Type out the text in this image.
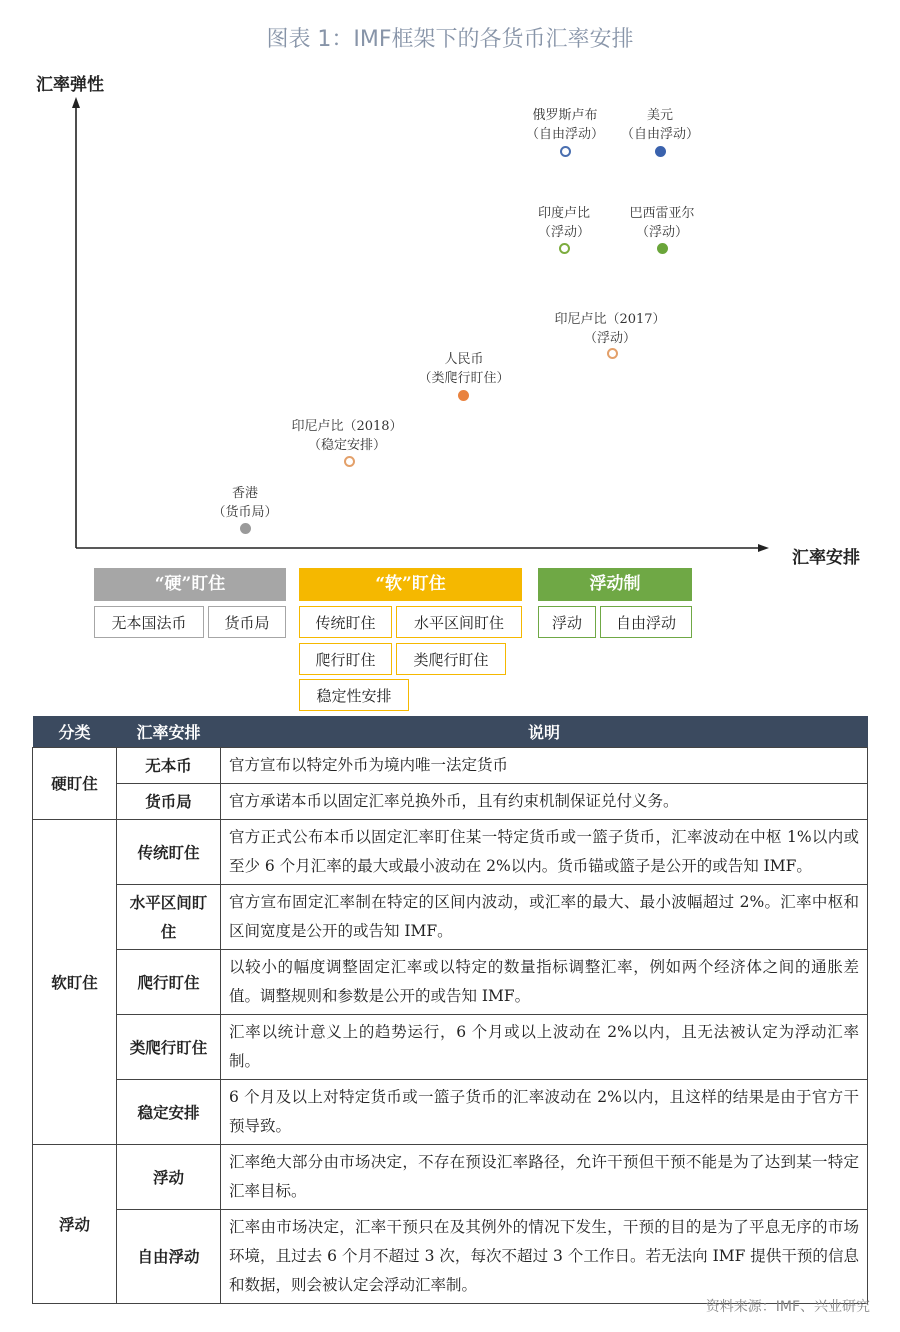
图表 1：IMF框架下的各货币汇率安排
汇率弹性
汇率安排
俄罗斯卢布
（自由浮动）
美元
（自由浮动）
印度卢比
（浮动）
巴西雷亚尔
（浮动）
印尼卢比（2017）
（浮动）
人民币
（类爬行盯住）
印尼卢比（2018）
（稳定安排）
香港
（货币局）
“硬”盯住
无本国法币	货币局
“软”盯住
传统盯住	水平区间盯住
爬行盯住	类爬行盯住
稳定性安排
浮动制
浮动	自由浮动
分类	汇率安排	说明
硬盯住	无本币	官方宣布以特定外币为境内唯一法定货币
	货币局	官方承诺本币以固定汇率兑换外币，且有约束机制保证兑付义务。
软盯住	传统盯住	官方正式公布本币以固定汇率盯住某一特定货币或一篮子货币，汇率波动在中枢 1%以内或至少 6 个月汇率的最大或最小波动在 2%以内。货币锚或篮子是公开的或告知 IMF。
	水平区间盯住	官方宣布固定汇率制在特定的区间内波动，或汇率的最大、最小波幅超过 2%。汇率中枢和区间宽度是公开的或告知 IMF。
	爬行盯住	以较小的幅度调整固定汇率或以特定的数量指标调整汇率，例如两个经济体之间的通胀差值。调整规则和参数是公开的或告知 IMF。
	类爬行盯住	汇率以统计意义上的趋势运行，6 个月或以上波动在 2%以内，且无法被认定为浮动汇率制。
	稳定安排	6 个月及以上对特定货币或一篮子货币的汇率波动在 2%以内，且这样的结果是由于官方干预导致。
浮动	浮动	汇率绝大部分由市场决定，不存在预设汇率路径，允许干预但干预不能是为了达到某一特定汇率目标。
	自由浮动	汇率由市场决定，汇率干预只在及其例外的情况下发生，干预的目的是为了平息无序的市场环境，且过去 6 个月不超过 3 次，每次不超过 3 个工作日。若无法向 IMF 提供干预的信息和数据，则会被认定会浮动汇率制。
资料来源：IMF、兴业研究
